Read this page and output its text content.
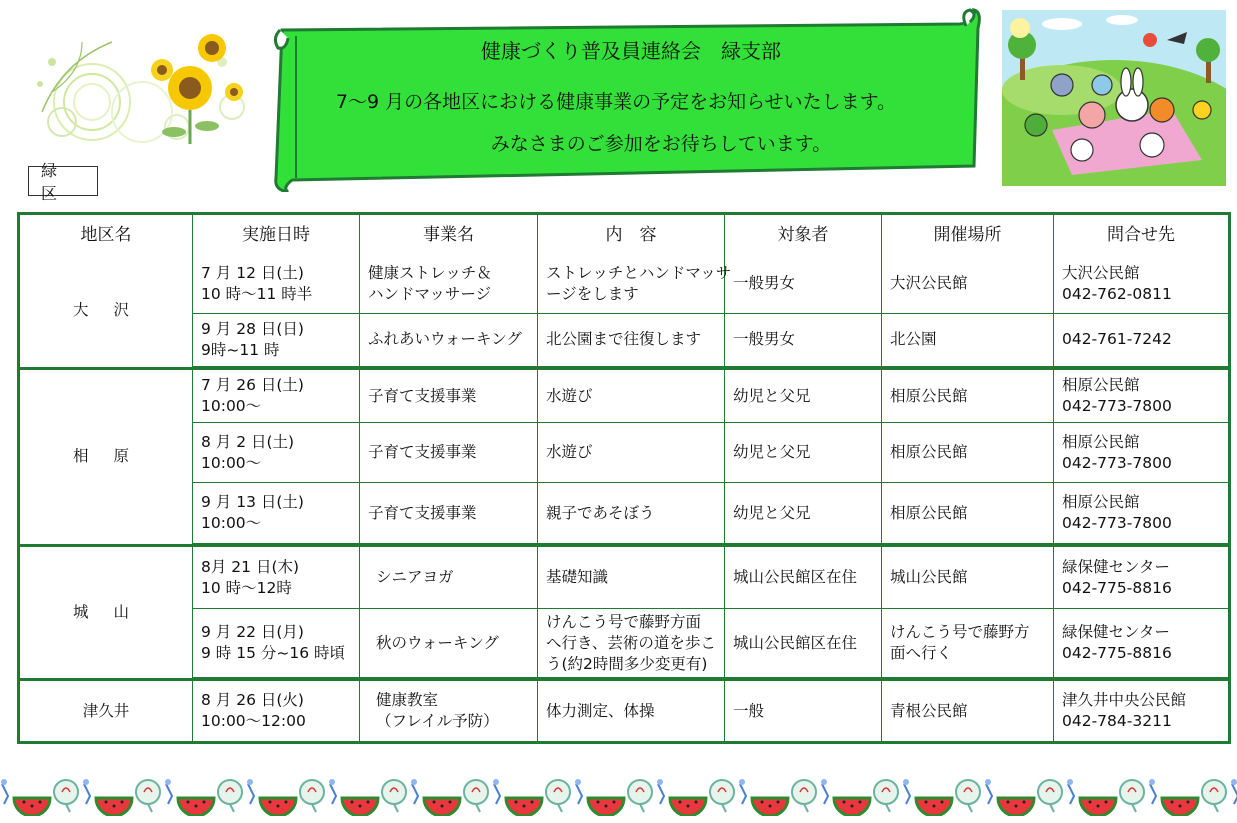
緑 区
健康づくり普及員連絡会　緑支部
7～9 月の各地区における健康事業の予定をお知らせいたします。
みなさまのご参加をお待ちしています。
地区名	実施日時	事業名	内　容	対象者	開催場所	問合せ先
大 沢	7 月 12 日(土)
10 時～11 時半	健康ストレッチ＆
ハンドマッサージ	ストレッチとハンドマッサ
ージをします	一般男女	大沢公民館	大沢公民館
042-762-0811

	9 月 28 日(日)
9時~11 時	ふれあいウォーキング	北公園まで往復します	一般男女	北公園	042-761-7242

相 原	7 月 26 日(土)
10:00～	子育て支援事業	水遊び	幼児と父兄	相原公民館	相原公民館
042-773-7800

	8 月 2 日(土)
10:00～	子育て支援事業	水遊び	幼児と父兄	相原公民館	相原公民館
042-773-7800

	9 月 13 日(土)
10:00～	子育て支援事業	親子であそぼう	幼児と父兄	相原公民館	相原公民館
042-773-7800

城 山	8月 21 日(木)
10 時～12時	シニアヨガ	基礎知識	城山公民館区在住	城山公民館	緑保健センター
042-775-8816

	9 月 22 日(月)
9 時 15 分~16 時頃	秋のウォーキング	けんこう号で藤野方面
へ行き、芸術の道を歩こ
う(約2時間多少変更有)	城山公民館区在住	けんこう号で藤野方
面へ行く	緑保健センター
042-775-8816

津久井	8 月 26 日(火)
10:00～12:00	健康教室
（フレイル予防）	体力測定、体操	一般	青根公民館	津久井中央公民館
042-784-3211
